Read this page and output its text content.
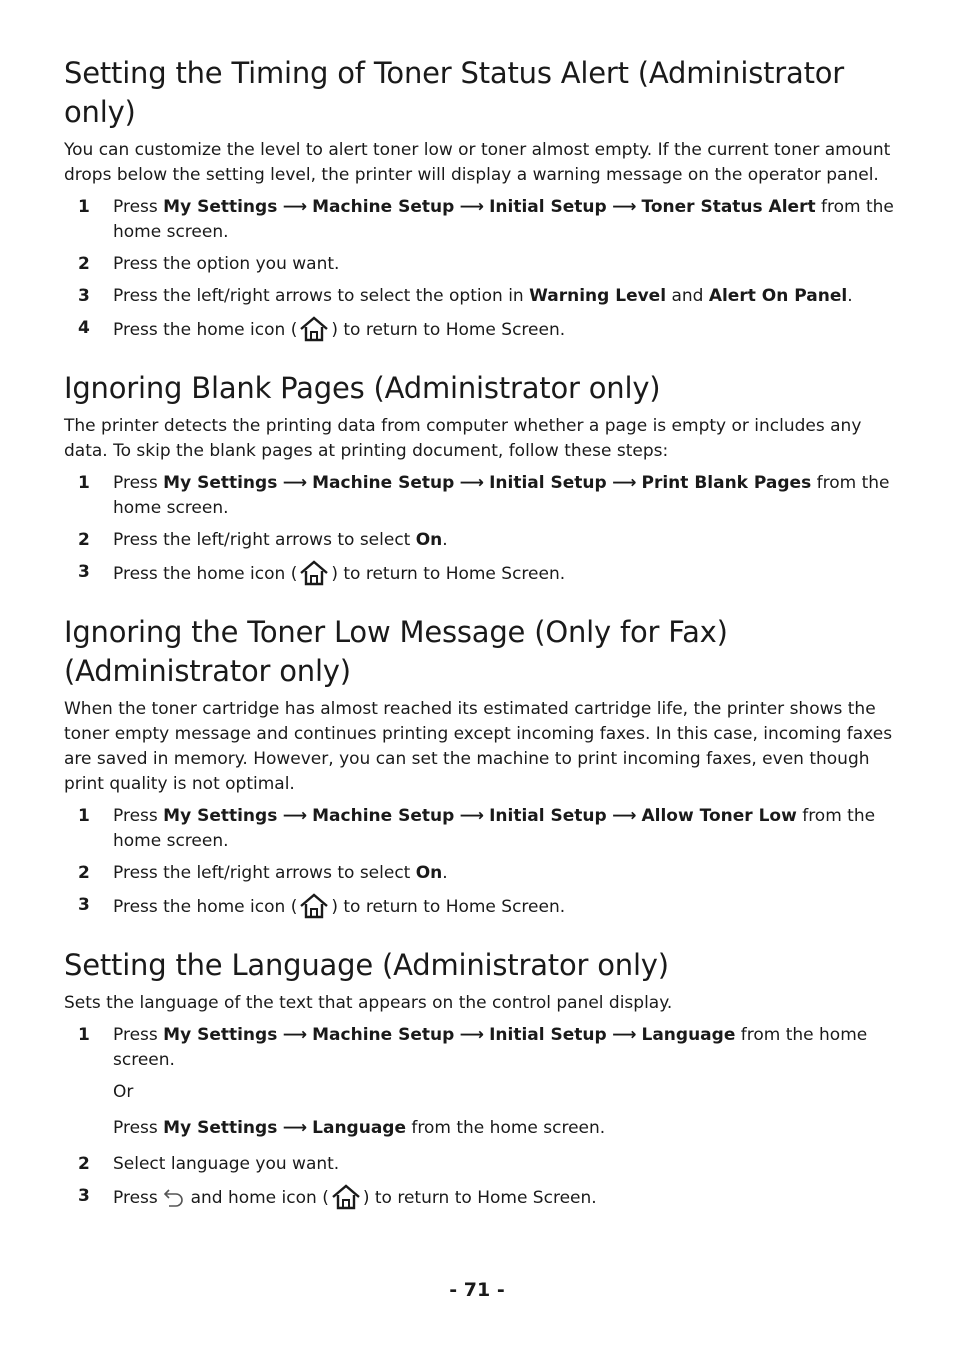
Setting the Timing of Toner Status Alert (Administrator only)

You can customize the level to alert toner low or toner almost empty. If the current toner amount drops below the setting level, the printer will display a warning message on the operator panel.

1 Press My Settings ⟶ Machine Setup ⟶ Initial Setup ⟶ Toner Status Alert from the home screen.
2 Press the option you want.
3 Press the left/right arrows to select the option in Warning Level and Alert On Panel.
4 Press the home icon ( ) to return to Home Screen.
Ignoring Blank Pages (Administrator only)

The printer detects the printing data from computer whether a page is empty or includes any data. To skip the blank pages at printing document, follow these steps:

1 Press My Settings ⟶ Machine Setup ⟶ Initial Setup ⟶ Print Blank Pages from the home screen.
2 Press the left/right arrows to select On.
3 Press the home icon ( ) to return to Home Screen.
Ignoring the Toner Low Message (Only for Fax) (Administrator only)

When the toner cartridge has almost reached its estimated cartridge life, the printer shows the toner empty message and continues printing except incoming faxes. In this case, incoming faxes are saved in memory. However, you can set the machine to print incoming faxes, even though print quality is not optimal.

1 Press My Settings ⟶ Machine Setup ⟶ Initial Setup ⟶ Allow Toner Low from the home screen.
2 Press the left/right arrows to select On.
3 Press the home icon ( ) to return to Home Screen.
Setting the Language (Administrator only)

Sets the language of the text that appears on the control panel display.

1 Press My Settings ⟶ Machine Setup ⟶ Initial Setup ⟶ Language from the home screen.
Or
Press My Settings ⟶ Language from the home screen.
2 Select language you want.
3 Press and home icon ( ) to return to Home Screen.
- 71 -
